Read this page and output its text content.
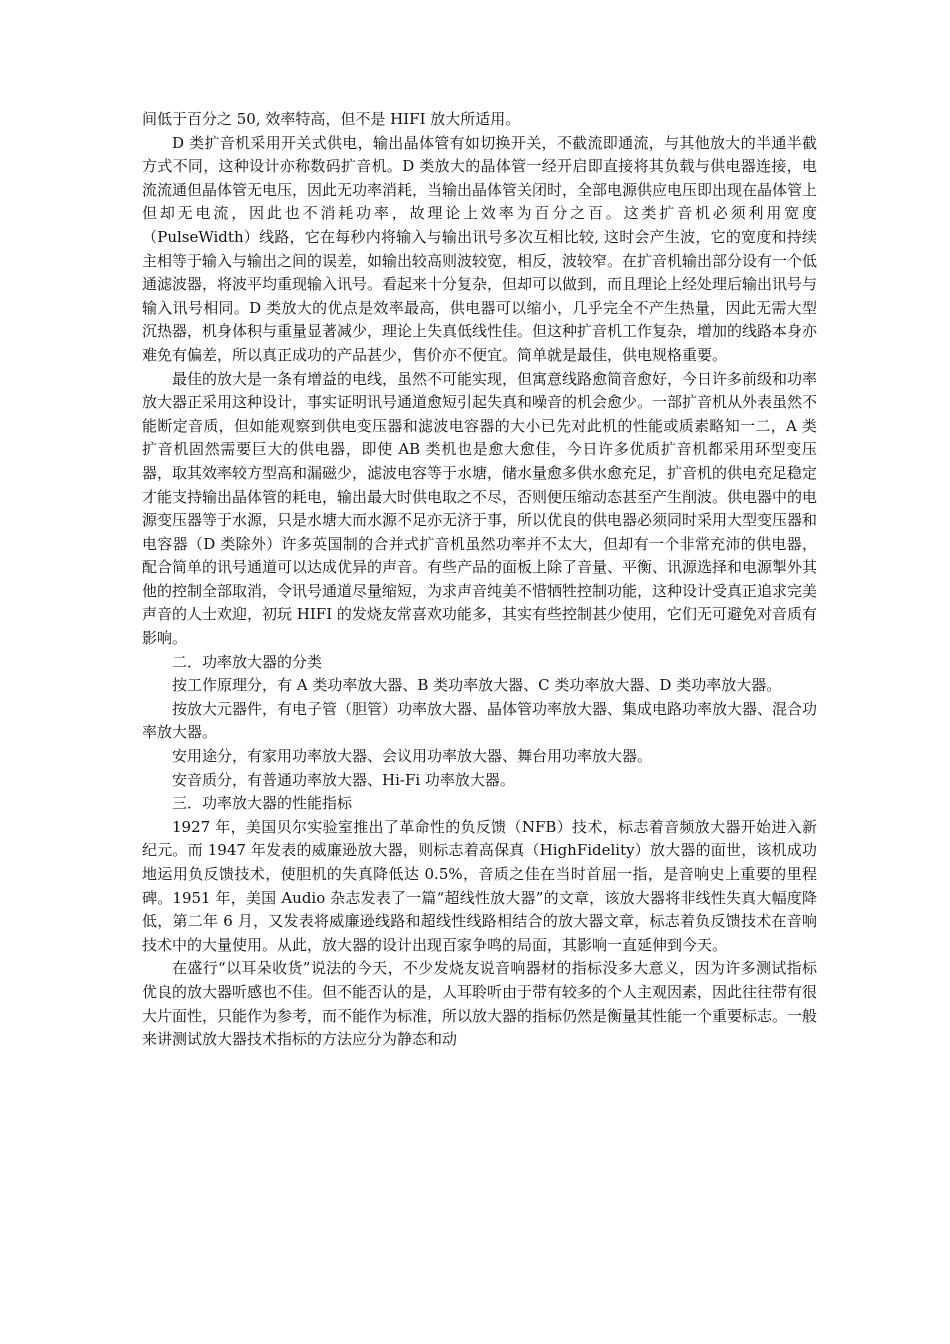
间低于百分之 50, 效率特高，但不是 HIFI 放大所适用。

D 类扩音机采用开关式供电，输出晶体管有如切换开关，不截流即通流，与其他放大的半通半截方式不同，这种设计亦称数码扩音机。D 类放大的晶体管一经开启即直接将其负载与供电器连接，电流流通但晶体管无电压，因此无功率消耗，当输出晶体管关闭时，全部电源供应电压即出现在晶体管上但却无电流，因此也不消耗功率，故理论上效率为百分之百。这类扩音机必须利用宽度（PulseWidth）线路，它在每秒内将输入与输出讯号多次互相比较, 这时会产生波，它的宽度和持续主相等于输入与输出之间的误差，如输出较高则波较宽，相反，波较窄。在扩音机输出部分设有一个低通滤波器，将波平均重现输入讯号。看起来十分复杂，但却可以做到，而且理论上经处理后输出讯号与输入讯号相同。D 类放大的优点是效率最高，供电器可以缩小，几乎完全不产生热量，因此无需大型沉热器，机身体积与重量显著减少，理论上失真低线性佳。但这种扩音机工作复杂，增加的线路本身亦难免有偏差，所以真正成功的产品甚少，售价亦不便宜。简单就是最佳，供电规格重要。

最佳的放大是一条有增益的电线，虽然不可能实现，但寓意线路愈简音愈好，今日许多前级和功率放大器正采用这种设计，事实证明讯号通道愈短引起失真和噪音的机会愈少。一部扩音机从外表虽然不能断定音质，但如能观察到供电变压器和滤波电容器的大小已先对此机的性能或质素略知一二，A 类扩音机固然需要巨大的供电器，即使 AB 类机也是愈大愈佳，今日许多优质扩音机都采用环型变压器，取其效率较方型高和漏磁少，滤波电容等于水塘，储水量愈多供水愈充足，扩音机的供电充足稳定才能支持输出晶体管的耗电，输出最大时供电取之不尽，否则便压缩动态甚至产生削波。供电器中的电源变压器等于水源，只是水塘大而水源不足亦无济于事，所以优良的供电器必须同时采用大型变压器和电容器（D 类除外）许多英国制的合并式扩音机虽然功率并不太大，但却有一个非常充沛的供电器，配合简单的讯号通道可以达成优异的声音。有些产品的面板上除了音量、平衡、讯源选择和电源掣外其他的控制全部取消，令讯号通道尽量缩短，为求声音纯美不惜牺牲控制功能，这种设计受真正追求完美声音的人士欢迎，初玩 HIFI 的发烧友常喜欢功能多，其实有些控制甚少使用，它们无可避免对音质有影响。

二．功率放大器的分类

按工作原理分，有 A 类功率放大器、B 类功率放大器、C 类功率放大器、D 类功率放大器。

按放大元器件，有电子管（胆管）功率放大器、晶体管功率放大器、集成电路功率放大器、混合功率放大器。

安用途分，有家用功率放大器、会议用功率放大器、舞台用功率放大器。

安音质分，有普通功率放大器、Hi-Fi 功率放大器。

三．功率放大器的性能指标

1927 年，美国贝尔实验室推出了革命性的负反馈（NFB）技术，标志着音频放大器开始进入新纪元。而 1947 年发表的威廉逊放大器，则标志着高保真（HighFidelity）放大器的面世，该机成功地运用负反馈技术，使胆机的失真降低达 0.5%，音质之佳在当时首屈一指，是音响史上重要的里程碑。1951 年，美国 Audio 杂志发表了一篇“超线性放大器”的文章，该放大器将非线性失真大幅度降低，第二年 6 月，又发表将威廉逊线路和超线性线路相结合的放大器文章，标志着负反馈技术在音响技术中的大量使用。从此，放大器的设计出现百家争鸣的局面，其影响一直延伸到今天。

在盛行“以耳朵收货”说法的今天，不少发烧友说音响器材的指标没多大意义，因为许多测试指标优良的放大器听感也不佳。但不能否认的是，人耳聆听由于带有较多的个人主观因素，因此往往带有很大片面性，只能作为参考，而不能作为标准，所以放大器的指标仍然是衡量其性能一个重要标志。一般来讲测试放大器技术指标的方法应分为静态和动
